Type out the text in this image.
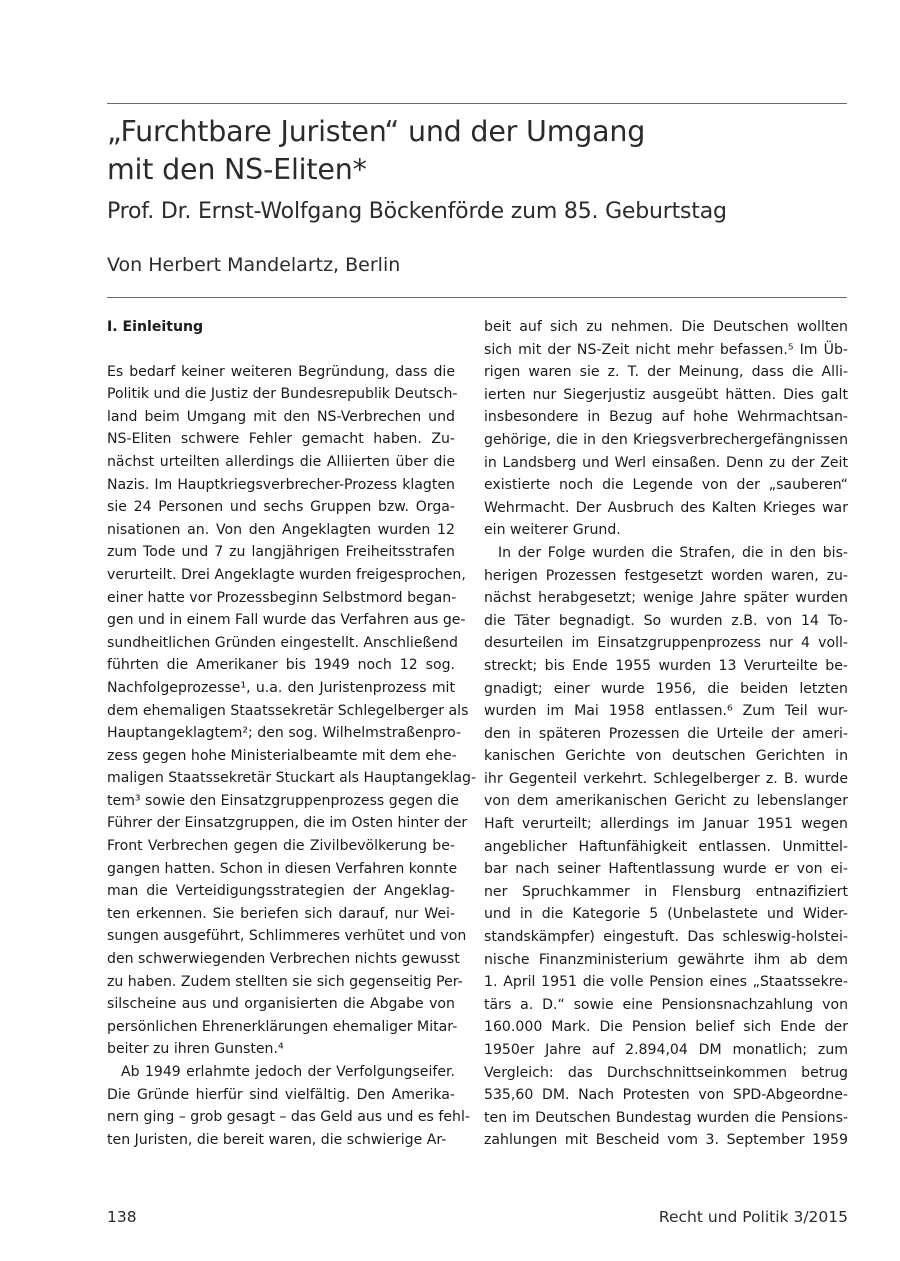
„Furchtbare Juristen“ und der Umgang
mit den NS-Eliten*
Prof. Dr. Ernst-Wolfgang Böckenförde zum 85. Geburtstag
Von Herbert Mandelartz, Berlin
I. Einleitung
Es bedarf keiner weiteren Begründung, dass die
Politik und die Justiz der Bundesrepublik Deutsch-
land beim Umgang mit den NS-Verbrechen und
NS-Eliten schwere Fehler gemacht haben. Zu-
nächst urteilten allerdings die Alliierten über die
Nazis. Im Hauptkriegsverbrecher-Prozess klagten
sie 24 Personen und sechs Gruppen bzw. Orga-
nisationen an. Von den Angeklagten wurden 12
zum Tode und 7 zu langjährigen Freiheitsstrafen
verurteilt. Drei Angeklagte wurden freigesprochen,
einer hatte vor Prozessbeginn Selbstmord began-
gen und in einem Fall wurde das Verfahren aus ge-
sundheitlichen Gründen eingestellt. Anschließend
führten die Amerikaner bis 1949 noch 12 sog.
Nachfolgeprozesse¹, u.a. den Juristenprozess mit
dem ehemaligen Staatssekretär Schlegelberger als
Hauptangeklagtem²; den sog. Wilhelmstraßenpro-
zess gegen hohe Ministerialbeamte mit dem ehe-
maligen Staatssekretär Stuckart als Hauptangeklag-
tem³ sowie den Einsatzgruppenprozess gegen die
Führer der Einsatzgruppen, die im Osten hinter der
Front Verbrechen gegen die Zivilbevölkerung be-
gangen hatten. Schon in diesen Verfahren konnte
man die Verteidigungsstrategien der Angeklag-
ten erkennen. Sie beriefen sich darauf, nur Wei-
sungen ausgeführt, Schlimmeres verhütet und von
den schwerwiegenden Verbrechen nichts gewusst
zu haben. Zudem stellten sie sich gegenseitig Per-
silscheine aus und organisierten die Abgabe von
persönlichen Ehrenerklärungen ehemaliger Mitar-
beiter zu ihren Gunsten.⁴
Ab 1949 erlahmte jedoch der Verfolgungseifer.
Die Gründe hierfür sind vielfältig. Den Amerika-
nern ging – grob gesagt – das Geld aus und es fehl-
ten Juristen, die bereit waren, die schwierige Ar-
beit auf sich zu nehmen. Die Deutschen wollten
sich mit der NS-Zeit nicht mehr befassen.⁵ Im Üb-
rigen waren sie z. T. der Meinung, dass die Alli-
ierten nur Siegerjustiz ausgeübt hätten. Dies galt
insbesondere in Bezug auf hohe Wehrmachtsan-
gehörige, die in den Kriegsverbrechergefängnissen
in Landsberg und Werl einsaßen. Denn zu der Zeit
existierte noch die Legende von der „sauberen“
Wehrmacht. Der Ausbruch des Kalten Krieges war
ein weiterer Grund.
In der Folge wurden die Strafen, die in den bis-
herigen Prozessen festgesetzt worden waren, zu-
nächst herabgesetzt; wenige Jahre später wurden
die Täter begnadigt. So wurden z.B. von 14 To-
desurteilen im Einsatzgruppenprozess nur 4 voll-
streckt; bis Ende 1955 wurden 13 Verurteilte be-
gnadigt; einer wurde 1956, die beiden letzten
wurden im Mai 1958 entlassen.⁶ Zum Teil wur-
den in späteren Prozessen die Urteile der ameri-
kanischen Gerichte von deutschen Gerichten in
ihr Gegenteil verkehrt. Schlegelberger z. B. wurde
von dem amerikanischen Gericht zu lebenslanger
Haft verurteilt; allerdings im Januar 1951 wegen
angeblicher Haftunfähigkeit entlassen. Unmittel-
bar nach seiner Haftentlassung wurde er von ei-
ner Spruchkammer in Flensburg entnazifiziert
und in die Kategorie 5 (Unbelastete und Wider-
standskämpfer) eingestuft. Das schleswig-holstei-
nische Finanzministerium gewährte ihm ab dem
1. April 1951 die volle Pension eines „Staatssekre-
tärs a. D.“ sowie eine Pensionsnachzahlung von
160.000 Mark. Die Pension belief sich Ende der
1950er Jahre auf 2.894,04 DM monatlich; zum
Vergleich: das Durchschnittseinkommen betrug
535,60 DM. Nach Protesten von SPD-Abgeordne-
ten im Deutschen Bundestag wurden die Pensions-
zahlungen mit Bescheid vom 3. September 1959
138	Recht und Politik 3/2015
